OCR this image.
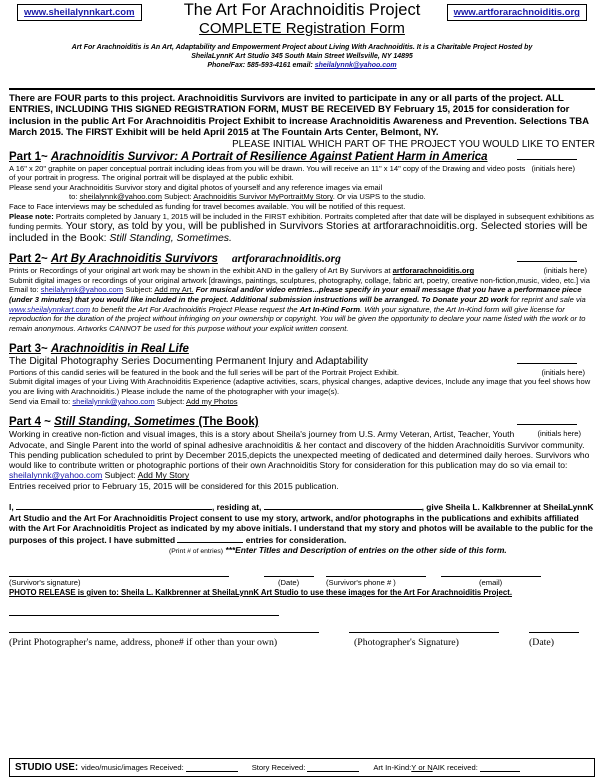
www.sheilalynnkart.com	www.artforarachnoiditis.org
The Art For Arachnoiditis Project
COMPLETE Registration Form
Art For Arachnoiditis is An Art, Adaptability and Empowerment Project about Living With Arachnoiditis. It is a Charitable Project Hosted by
SheilaLynnK Art Studio 345 South Main Street Wellsville, NY 14895
Phone/Fax: 585-593-4161 email: sheilalynnk@yahoo.com
There are FOUR parts to this project. Arachnoiditis Survivors are invited to participate in any or all parts of the project. ALL ENTRIES, INCLUDING THIS SIGNED REGISTRATION FORM, MUST BE RECEIVED BY February 15, 2015 for consideration for inclusion in the public Art For Arachnoiditis Project Exhibit to increase Arachnoiditis Awareness and Prevention. Selections TBA March 2015. The FIRST Exhibit will be held April 2015 at The Fountain Arts Center, Belmont, NY.
PLEASE INITIAL WHICH PART OF THE PROJECT YOU WOULD LIKE TO ENTER
Part 1~ Arachnoiditis Survivor: A Portrait of Resilience Against Patient Harm in America
(initials here)
A 16" x 20" graphite on paper conceptual portrait including ideas from you will be drawn. You will receive an 11" x 14" copy of the Drawing and video posts of your portrait in progress. The original portrait will be displayed at the public exhibit.
Please send your Arachnoiditis Survivor story and digital photos of yourself and any reference images via email
to: sheilalynnk@yahoo.com Subject: Arachnoiditis Survivor MyPortraitMy Story. Or via USPS to the studio.
Face to Face interviews may be scheduled as funding for travel becomes available. You will be notified of this request.
Please note: Portraits completed by January 1, 2015 will be included in the FIRST exhibition. Portraits completed after that date will be displayed in subsequent exhibitions as funding permits. Your story, as told by you, will be published in Survivors Stories at artforarachnoiditis.org. Selected stories will be included in the Book: Still Standing, Sometimes.
Part 2~ Art By Arachnoiditis Survivors artforarachnoiditis.org
(initials here)
Prints or Recordings of your original art work may be shown in the exhibit AND in the gallery of Art By Survivors at artforarachnoiditis.org
Submit digital images or recordings of your original artwork [drawings, paintings, sculptures, photography, collage, fabric art, poetry, creative non-fiction,music, video, etc.] via Email to: sheilalynnk@yahoo.com Subject: Add my Art. For musical and/or video entries...please specify in your email message that you have a performance piece (under 3 minutes) that you would like included in the project. Additional submission instructions will be arranged. To Donate your 2D work for reprint and sale via www.sheilalynnkart.com to benefit the Art For Arachnoiditis Project Please request the Art In-Kind Form. With your signature, the Art In-Kind form will give license for reproduction for the duration of the project without infringing on your ownership or copyright. You will be given the opportunity to declare your name listed with the work or to remain anonymous. Artworks CANNOT be used for this purpose without your explicit written consent.
Part 3~ Arachnoiditis in Real Life
The Digital Photography Series Documenting Permanent Injury and Adaptability
(initials here)
Portions of this candid series will be featured in the book and the full series will be part of the Portrait Project Exhibit.
Submit digital images of your Living With Arachnoiditis Experience (adaptive activities, scars, physical changes, adaptive devices, Include any image that you feel shows how you are living with Arachnoiditis.) Please include the name of the photographer with your image(s).
Send via Email to: sheilalynnk@yahoo.com Subject: Add my Photos
Part 4 ~ Still Standing, Sometimes (The Book)
(initials here)
Working in creative non-fiction and visual images, this is a story about Sheila's journey from U.S. Army Veteran, Artist, Teacher, Youth Advocate, and Single Parent into the world of spinal adhesive arachnoiditis & her contact and discovery of the hidden Arachnoiditis Survivor community. This pending publication scheduled to print by December 2015,depicts the unexpected meeting of dedicated and determined daily heroes. Survivors who would like to contribute written or photographic portions of their own Arachnoiditis Story for consideration for this publication may do so via email to: sheilalynnk@yahoo.com Subject: Add My Story
Entries received prior to February 15, 2015 will be considered for this 2015 publication.
I,	, residing at,	, give Sheila L. Kalkbrenner at SheilaLynnK Art Studio and the Art For Arachnoiditis Project consent to use my story, artwork, and/or photographs in the publications and exhibits affiliated with the Art For Arachnoiditis Project as indicated by my above initials. I understand that my story and photos will be available to the public for the purposes of this project. I have submitted	entries for consideration.
(Print # of entries) ***Enter Titles and Description of entries on the other side of this form.
(Survivor's signature)	(Date)	(Survivor's phone # )	(email)
PHOTO RELEASE is given to: Sheila L. Kalkbrenner at SheilaLynnK Art Studio to use these images for the Art For Arachnoiditis Project.
(Print Photographer's name, address, phone# if other than your own)	(Photographer's Signature)	(Date)
STUDIO USE: video/music/images Received:	Story Received:	Art In-Kind: Y or N AIK received:
